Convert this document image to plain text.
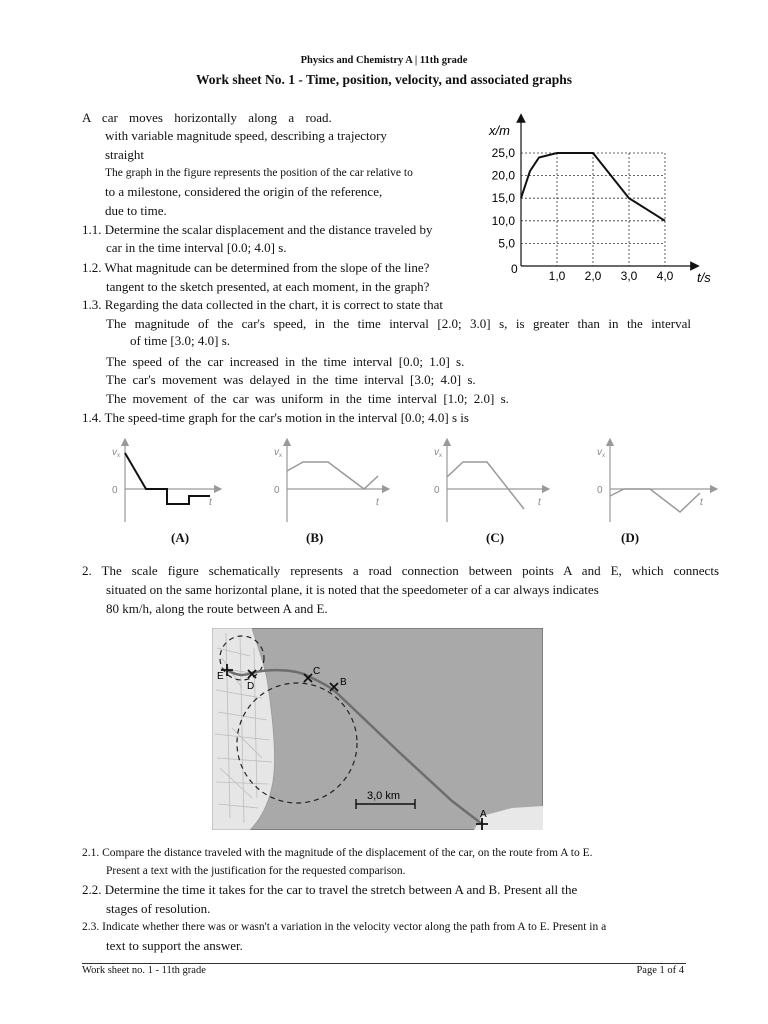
Physics and Chemistry A | 11th grade
Work sheet No. 1 - Time, position, velocity, and associated graphs
A car moves horizontally along a road.
with variable magnitude speed, describing a trajectory
straight
The graph in the figure represents the position of the car relative to
to a milestone, considered the origin of the reference,
due to time.
1.1. Determine the scalar displacement and the distance traveled by
car in the time interval [0.0; 4.0] s.
1.2. What magnitude can be determined from the slope of the line?
tangent to the sketch presented, at each moment, in the graph?
1.3. Regarding the data collected in the chart, it is correct to state that
The magnitude of the car's speed, in the time interval [2.0; 3.0] s, is greater than in the interval
of time [3.0; 4.0] s.
The speed of the car increased in the time interval [0.0; 1.0] s.
The car's movement was delayed in the time interval [3.0; 4.0] s.
The movement of the car was uniform in the time interval [1.0; 2.0] s.
1.4. The speed-time graph for the car's motion in the interval [0.0; 4.0] s is
5,0
10,0
15,0
20,0
25,0
1,0 2,0 3,0 4,0
x/m
t/s
0
v x
0
t
v x
0
t
v x
0
t
v x
0
t
(A)	(B)	(C)	(D)
2. The scale figure schematically represents a road connection between points A and E, which connects
situated on the same horizontal plane, it is noted that the speedometer of a car always indicates
80 km/h, along the route between A and E.
E
D
C
B
A
3,0 km
2.1. Compare the distance traveled with the magnitude of the displacement of the car, on the route from A to E.
Present a text with the justification for the requested comparison.
2.2. Determine the time it takes for the car to travel the stretch between A and B. Present all the
stages of resolution.
2.3. Indicate whether there was or wasn't a variation in the velocity vector along the path from A to E. Present in a
text to support the answer.
Work sheet no. 1 - 11th grade	Page 1 of 4
